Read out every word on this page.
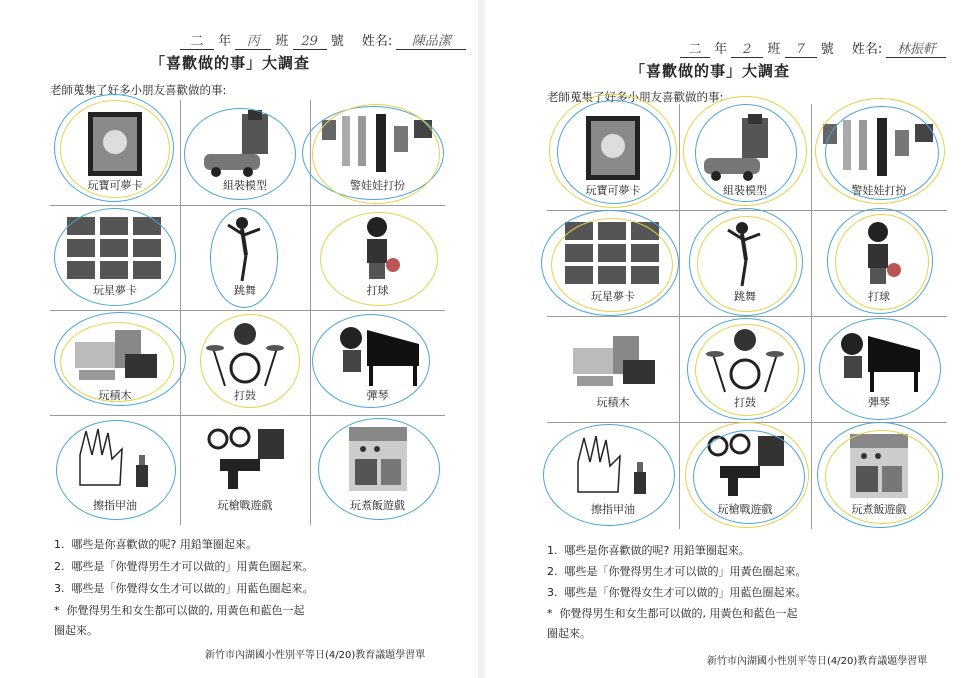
二 年 丙 班 29 號 姓名: 陳品潔
「喜歡做的事」大調查
老師蒐集了好多小朋友喜歡做的事:
玩寶可夢卡	組裝模型	警娃娃打扮
玩星夢卡	跳舞	打球
玩積木	打鼓	彈琴
擦指甲油	玩槍戰遊戲	玩煮飯遊戲
1. 哪些是你喜歡做的呢? 用鉛筆圈起來。
2. 哪些是「你覺得男生才可以做的」用黃色圈起來。
3. 哪些是「你覺得女生才可以做的」用藍色圈起來。
* 你覺得男生和女生都可以做的, 用黃色和藍色一起
圈起來。
新竹市內湖國小性別平等日(4/20)教育議題學習單
二 年 2 班 7 號 姓名: 林振軒
「喜歡做的事」大調查
老師蒐集了好多小朋友喜歡做的事:
玩寶可夢卡	組裝模型	警娃娃打扮
玩星夢卡	跳舞	打球
玩積木	打鼓	彈琴
擦指甲油	玩槍戰遊戲	玩煮飯遊戲
1. 哪些是你喜歡做的呢? 用鉛筆圈起來。
2. 哪些是「你覺得男生才可以做的」用黃色圈起來。
3. 哪些是「你覺得女生才可以做的」用藍色圈起來。
* 你覺得男生和女生都可以做的, 用黃色和藍色一起
圈起來。
新竹市內湖國小性別平等日(4/20)教育議題學習單
